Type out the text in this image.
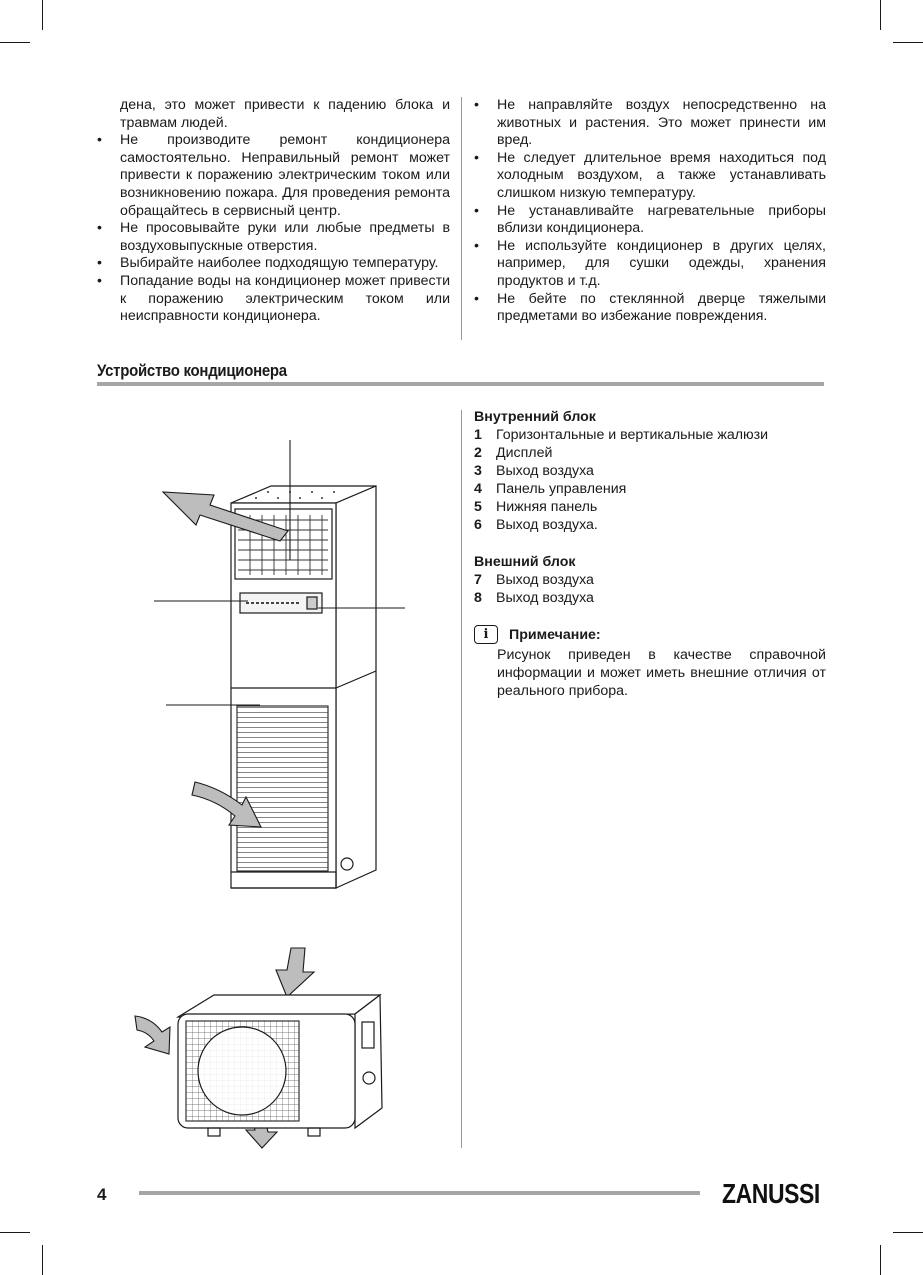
дена, это может привести к падению блока и травмам людей.

• Не производите ремонт кондиционера самостоятельно. Неправильный ремонт может привести к поражению электрическим током или возникновению пожара. Для проведения ремонта обращайтесь в сервисный центр.
• Не просовывайте руки или любые предметы в воздуховыпускные отверстия.
• Выбирайте наиболее подходящую температуру.
• Попадание воды на кондиционер может привести к поражению электрическим током или неисправности кондиционера.
• Не направляйте воздух непосредственно на животных и растения. Это может принести им вред.
• Не следует длительное время находиться под холодным воздухом, а также устанавливать слишком низкую температуру.
• Не устанавливайте нагревательные приборы вблизи кондиционера.
• Не используйте кондиционер в других целях, например, для сушки одежды, хранения продуктов и т.д.
• Не бейте по стеклянной дверце тяжелыми предметами во избежание повреждения.
Устройство кондиционера
Внутренний блок
1 Горизонтальные и вертикальные жалюзи
2 Дисплей
3 Выход воздуха
4 Панель управления
5 Нижняя панель
6 Выход воздуха.
Внешний блок
7 Выход воздуха
8 Выход воздуха
i	Примечание:
Рисунок приведен в качестве справочной информации и может иметь внешние отличия от реального прибора.
4	ZANUSSI
